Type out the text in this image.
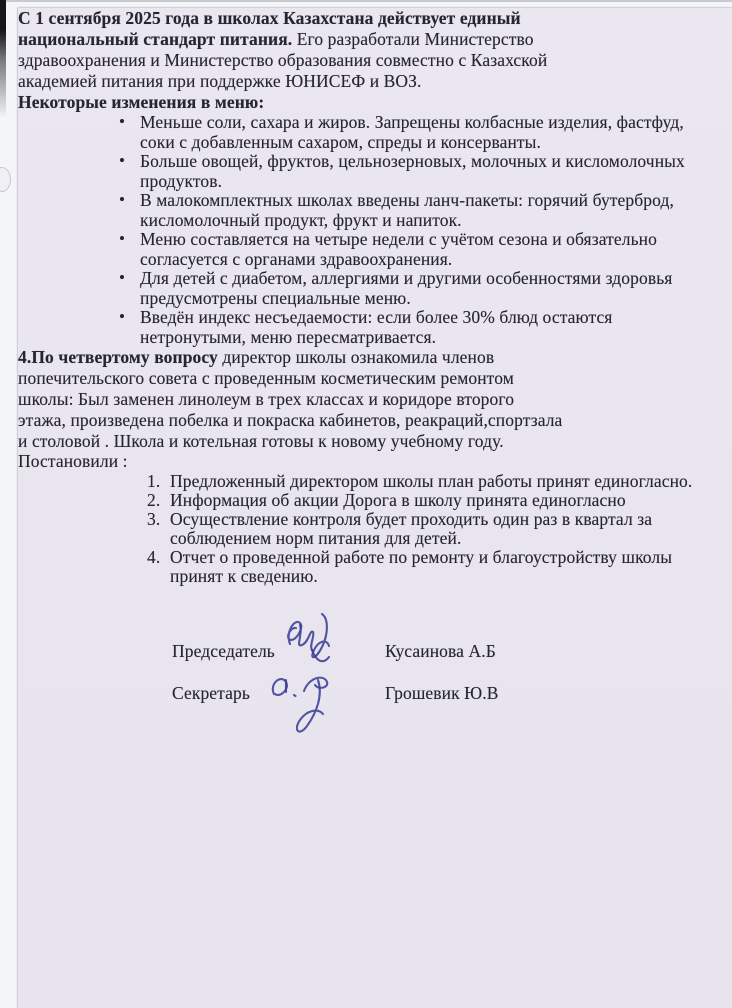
С 1 сентября 2025 года в школах Казахстана действует единый национальный стандарт питания. Его разработали Министерство здравоохранения и Министерство образования совместно с Казахской академией питания при поддержке ЮНИСЕФ и ВОЗ.

Некоторые изменения в меню:

• Меньше соли, сахара и жиров. Запрещены колбасные изделия, фастфуд, соки с добавленным сахаром, спреды и консерванты.
• Больше овощей, фруктов, цельнозерновых, молочных и кисломолочных продуктов.
• В малокомплектных школах введены ланч-пакеты: горячий бутерброд, кисломолочный продукт, фрукт и напиток.
• Меню составляется на четыре недели с учётом сезона и обязательно согласуется с органами здравоохранения.
• Для детей с диабетом, аллергиями и другими особенностями здоровья предусмотрены специальные меню.
• Введён индекс несъедаемости: если более 30% блюд остаются нетронутыми, меню пересматривается.

4.По четвертому вопросу директор школы ознакомила членов попечительского совета с проведенным косметическим ремонтом школы: Был заменен линолеум в трех классах и коридоре второго этажа, произведена побелка и покраска кабинетов, реакраций,спортзала и столовой . Школа и котельная готовы к новому учебному году.

Постановили :

Предложенный директором школы план работы принят единогласно.
Информация об акции Дорога в школу принята единогласно
Осуществление контроля будет проходить один раз в квартал за соблюдением норм питания для детей.
Отчет о проведенной работе по ремонту и благоустройству школы принят к сведению.
Председатель	Кусаинова А.Б
Секретарь	Грошевик Ю.В
